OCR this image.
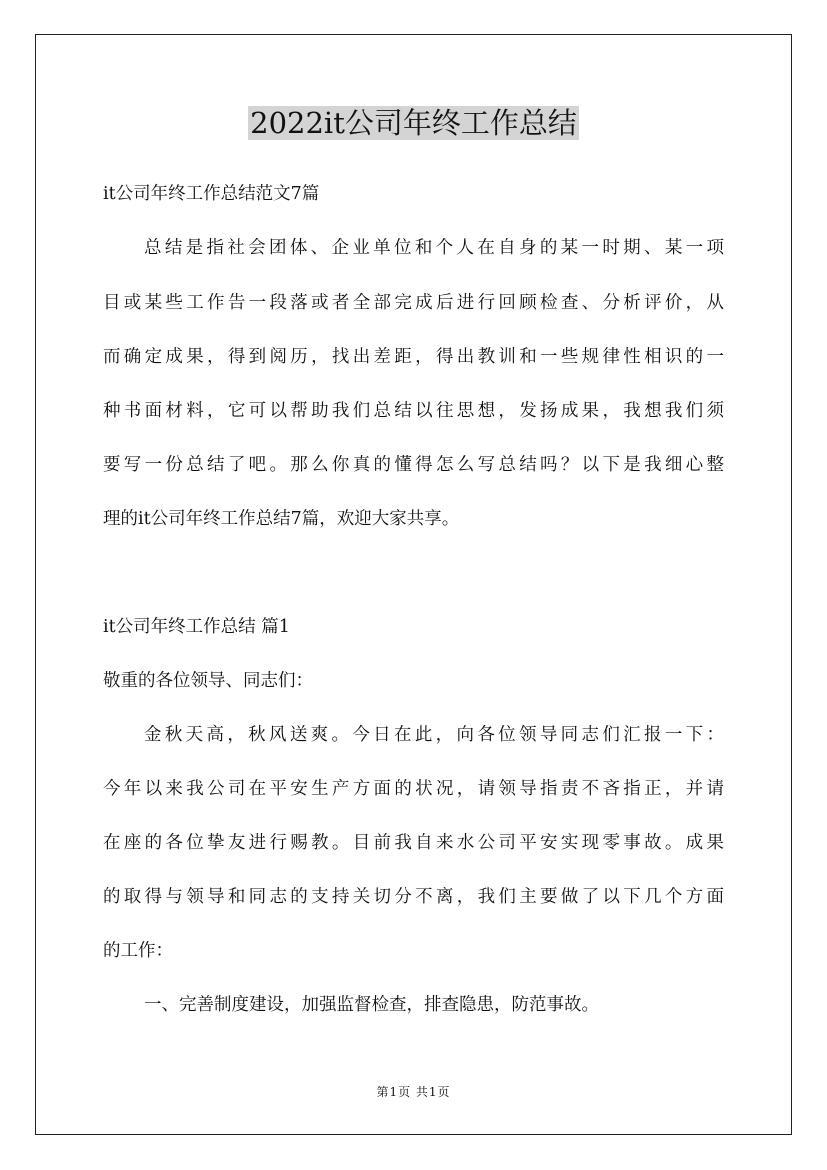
2022it公司年终工作总结
it公司年终工作总结范文7篇
总结是指社会团体、企业单位和个人在自身的某一时期、某一项
目或某些工作告一段落或者全部完成后进行回顾检查、分析评价，从
而确定成果，得到阅历，找出差距，得出教训和一些规律性相识的一
种书面材料，它可以帮助我们总结以往思想，发扬成果，我想我们须
要写一份总结了吧。那么你真的懂得怎么写总结吗？以下是我细心整
理的it公司年终工作总结7篇，欢迎大家共享。
it公司年终工作总结 篇1
敬重的各位领导、同志们：
金秋天高，秋风送爽。今日在此，向各位领导同志们汇报一下：
今年以来我公司在平安生产方面的状况，请领导指责不吝指正，并请
在座的各位挚友进行赐教。目前我自来水公司平安实现零事故。成果
的取得与领导和同志的支持关切分不离，我们主要做了以下几个方面
的工作：
一、完善制度建设，加强监督检查，排查隐患，防范事故。
第1页 共1页
